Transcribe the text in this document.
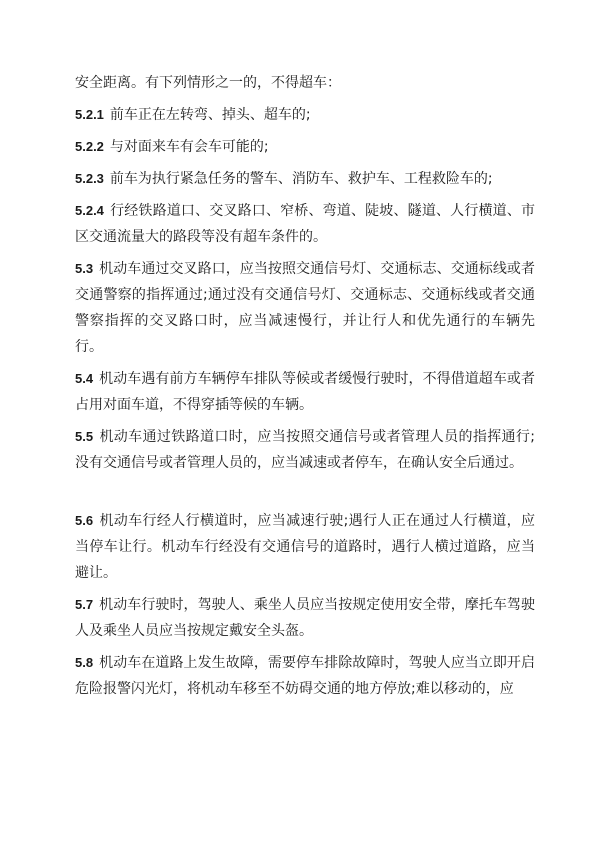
安全距离。有下列情形之一的，不得超车：

5.2.1 前车正在左转弯、掉头、超车的;

5.2.2 与对面来车有会车可能的;

5.2.3 前车为执行紧急任务的警车、消防车、救护车、工程救险车的;

5.2.4 行经铁路道口、交叉路口、窄桥、弯道、陡坡、隧道、人行横道、市区交通流量大的路段等没有超车条件的。

5.3 机动车通过交叉路口，应当按照交通信号灯、交通标志、交通标线或者交通警察的指挥通过;通过没有交通信号灯、交通标志、交通标线或者交通警察指挥的交叉路口时，应当减速慢行，并让行人和优先通行的车辆先行。

5.4 机动车遇有前方车辆停车排队等候或者缓慢行驶时，不得借道超车或者占用对面车道，不得穿插等候的车辆。

5.5 机动车通过铁路道口时，应当按照交通信号或者管理人员的指挥通行;没有交通信号或者管理人员的，应当减速或者停车，在确认安全后通过。

5.6 机动车行经人行横道时，应当减速行驶;遇行人正在通过人行横道，应当停车让行。机动车行经没有交通信号的道路时，遇行人横过道路，应当避让。

5.7 机动车行驶时，驾驶人、乘坐人员应当按规定使用安全带，摩托车驾驶人及乘坐人员应当按规定戴安全头盔。

5.8 机动车在道路上发生故障，需要停车排除故障时，驾驶人应当立即开启危险报警闪光灯，将机动车移至不妨碍交通的地方停放;难以移动的，应
